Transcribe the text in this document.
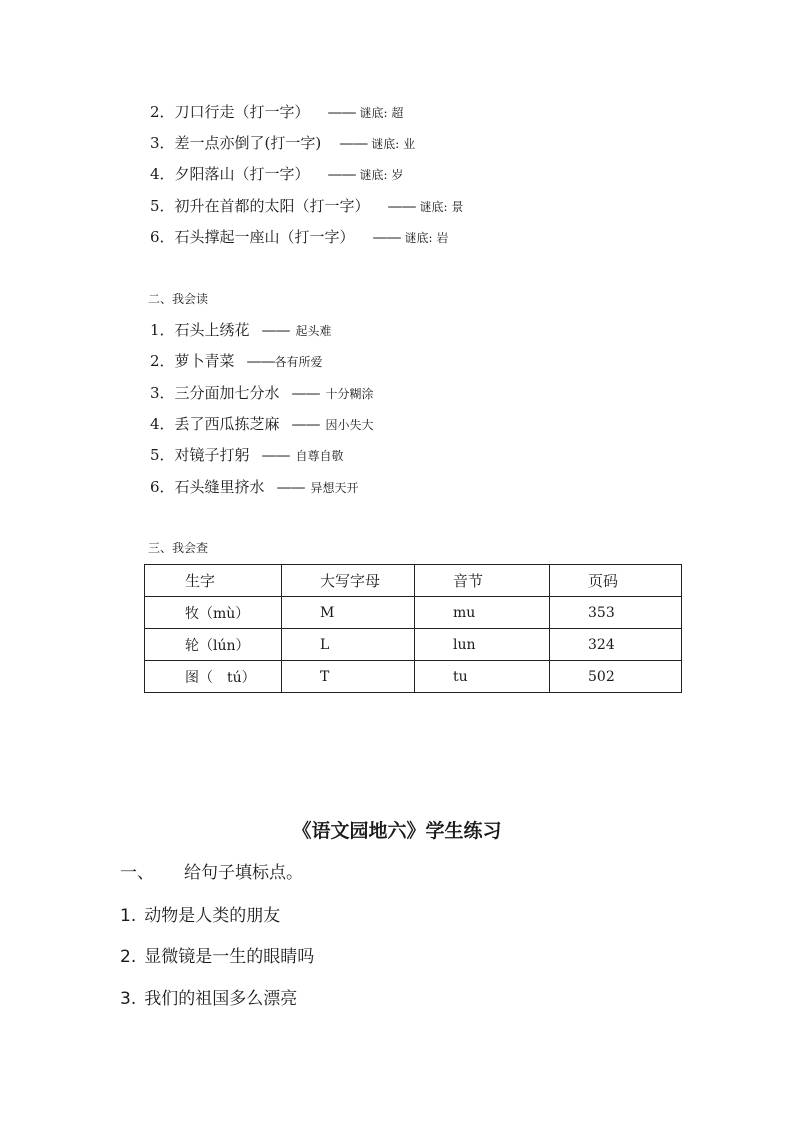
2．刀口行走（打一字） —— 谜底: 超
3．差一点亦倒了(打一字) —— 谜底: 业
4．夕阳落山（打一字） —— 谜底: 岁
5．初升在首都的太阳（打一字） —— 谜底: 景
6．石头撑起一座山（打一字） —— 谜底: 岩
二、我会读
1．石头上绣花 —— 起头难
2．萝卜青菜 ——各有所爱
3．三分面加七分水 —— 十分糊涂
4．丢了西瓜拣芝麻 —— 因小失大
5．对镜子打躬 —— 自尊自敬
6．石头缝里挤水 —— 异想天开
三、我会查
生字	大写字母	音节	页码
牧（mù）	M	mu	353
轮（lún）	L	lun	324
图（　tú）	T	tu	502
《语文园地六》学生练习
一、 给句子填标点。
1. 动物是人类的朋友
2. 显微镜是一生的眼睛吗
3. 我们的祖国多么漂亮
